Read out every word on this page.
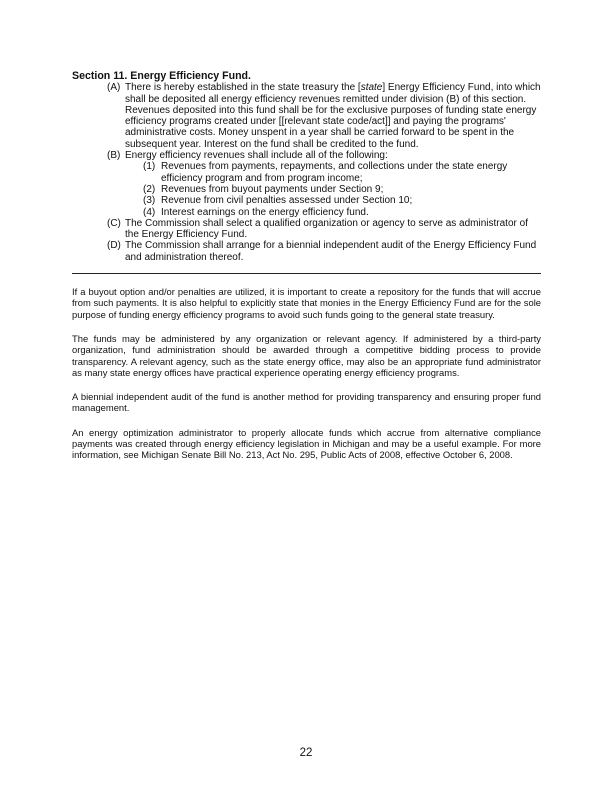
Section 11. Energy Efficiency Fund.
(A) There is hereby established in the state treasury the [state] Energy Efficiency Fund, into which shall be deposited all energy efficiency revenues remitted under division (B) of this section. Revenues deposited into this fund shall be for the exclusive purposes of funding state energy efficiency programs created under [[relevant state code/act]] and paying the programs' administrative costs. Money unspent in a year shall be carried forward to be spent in the subsequent year. Interest on the fund shall be credited to the fund.
(B) Energy efficiency revenues shall include all of the following:
(1) Revenues from payments, repayments, and collections under the state energy efficiency program and from program income;
(2) Revenues from buyout payments under Section 9;
(3) Revenue from civil penalties assessed under Section 10;
(4) Interest earnings on the energy efficiency fund.
(C) The Commission shall select a qualified organization or agency to serve as administrator of the Energy Efficiency Fund.
(D) The Commission shall arrange for a biennial independent audit of the Energy Efficiency Fund and administration thereof.

If a buyout option and/or penalties are utilized, it is important to create a repository for the funds that will accrue from such payments. It is also helpful to explicitly state that monies in the Energy Efficiency Fund are for the sole purpose of funding energy efficiency programs to avoid such funds going to the general state treasury.

The funds may be administered by any organization or relevant agency. If administered by a third-party organization, fund administration should be awarded through a competitive bidding process to provide transparency. A relevant agency, such as the state energy office, may also be an appropriate fund administrator as many state energy offices have practical experience operating energy efficiency programs.

A biennial independent audit of the fund is another method for providing transparency and ensuring proper fund management.

An energy optimization administrator to properly allocate funds which accrue from alternative compliance payments was created through energy efficiency legislation in Michigan and may be a useful example. For more information, see Michigan Senate Bill No. 213, Act No. 295, Public Acts of 2008, effective October 6, 2008.

22
